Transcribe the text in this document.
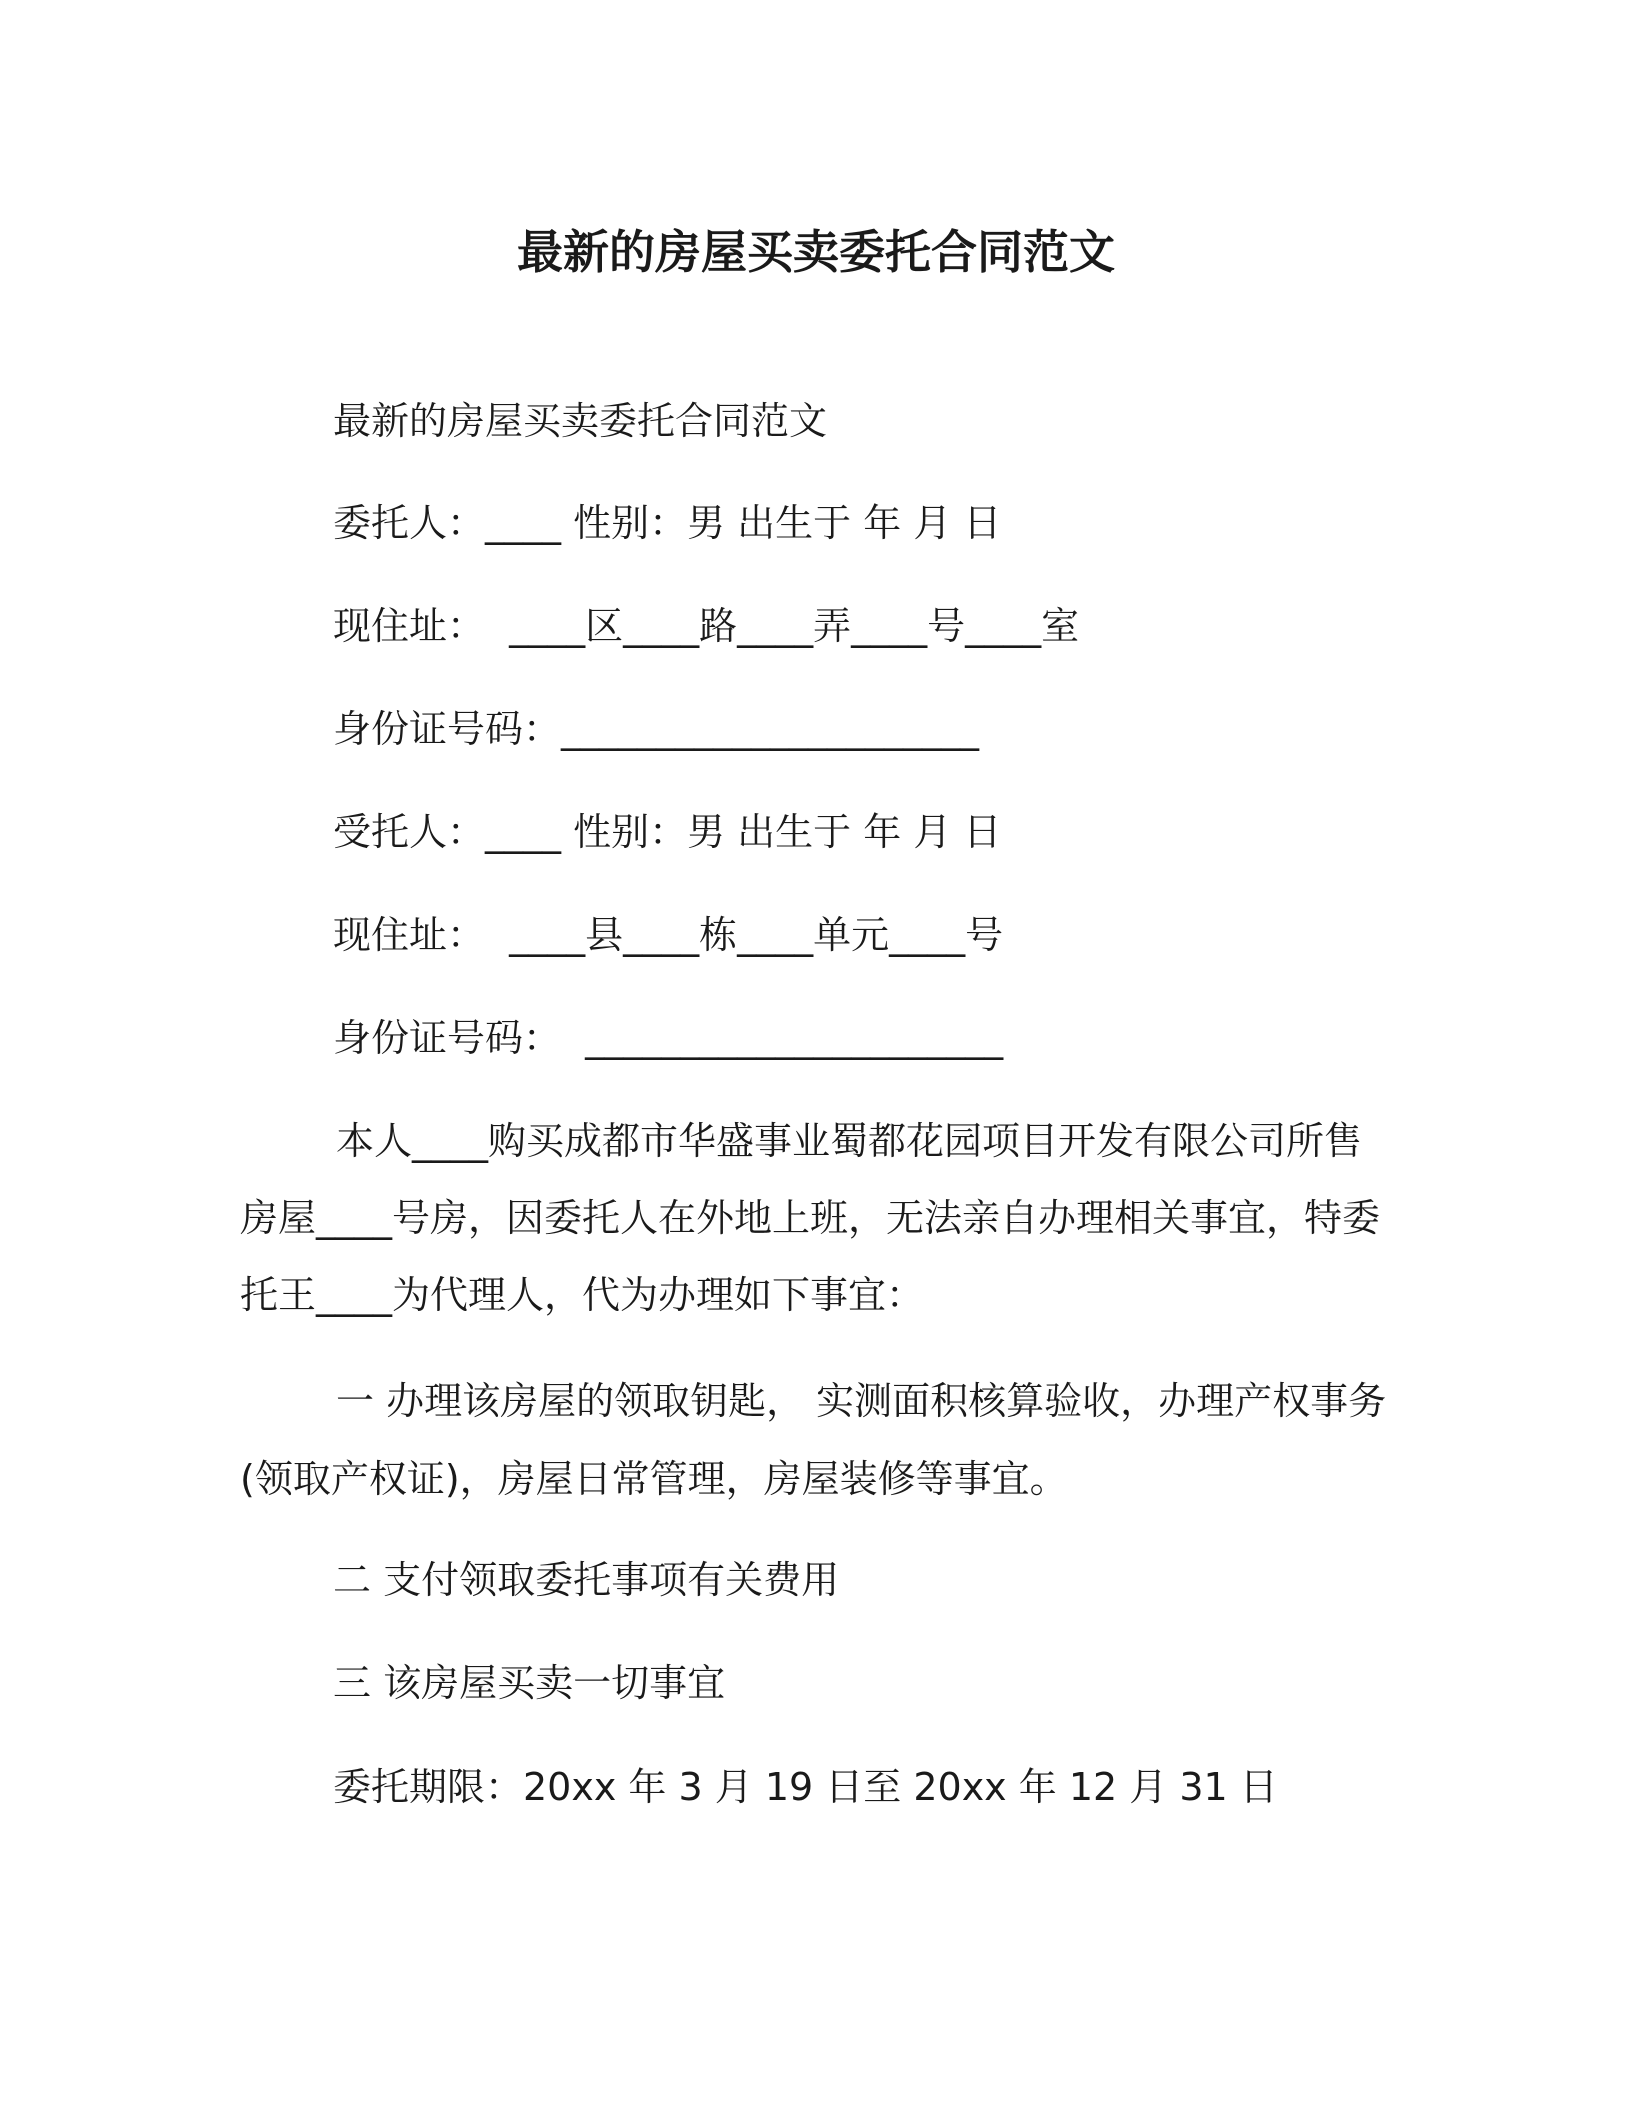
最新的房屋买卖委托合同范文
最新的房屋买卖委托合同范文
委托人：____ 性别：男 出生于 年 月 日
现住址：  ____区____路____弄____号____室
身份证号码：______________________
受托人：____ 性别：男 出生于 年 月 日
现住址：  ____县____栋____单元____号
身份证号码：  ______________________
本人____购买成都市华盛事业蜀都花园项目开发有限公司所售房屋____号房，因委托人在外地上班，无法亲自办理相关事宜，特委托王____为代理人，代为办理如下事宜：
一 办理该房屋的领取钥匙， 实测面积核算验收，办理产权事务(领取产权证)，房屋日常管理，房屋装修等事宜。
二 支付领取委托事项有关费用
三 该房屋买卖一切事宜
委托期限：20xx 年 3 月 19 日至 20xx 年 12 月 31 日
